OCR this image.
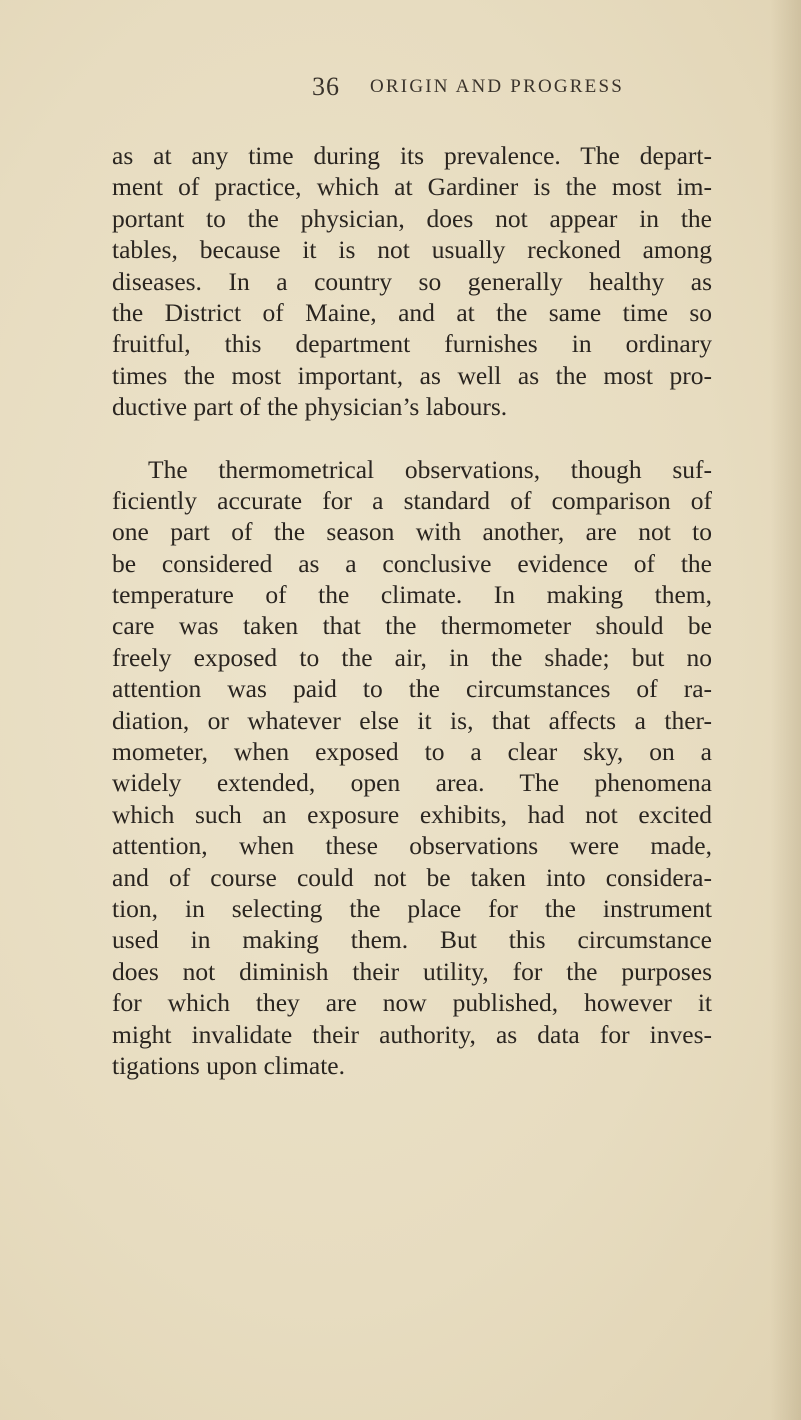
36 ORIGIN AND PROGRESS
as at any time during its prevalence. The depart-
ment of practice, which at Gardiner is the most im-
portant to the physician, does not appear in the
tables, because it is not usually reckoned among
diseases. In a country so generally healthy as
the District of Maine, and at the same time so
fruitful, this department furnishes in ordinary
times the most important, as well as the most pro-
ductive part of the physician’s labours.
The thermometrical observations, though suf-
ficiently accurate for a standard of comparison of
one part of the season with another, are not to
be considered as a conclusive evidence of the
temperature of the climate. In making them,
care was taken that the thermometer should be
freely exposed to the air, in the shade; but no
attention was paid to the circumstances of ra-
diation, or whatever else it is, that affects a ther-
mometer, when exposed to a clear sky, on a
widely extended, open area. The phenomena
which such an exposure exhibits, had not excited
attention, when these observations were made,
and of course could not be taken into considera-
tion, in selecting the place for the instrument
used in making them. But this circumstance
does not diminish their utility, for the purposes
for which they are now published, however it
might invalidate their authority, as data for inves-
tigations upon climate.
